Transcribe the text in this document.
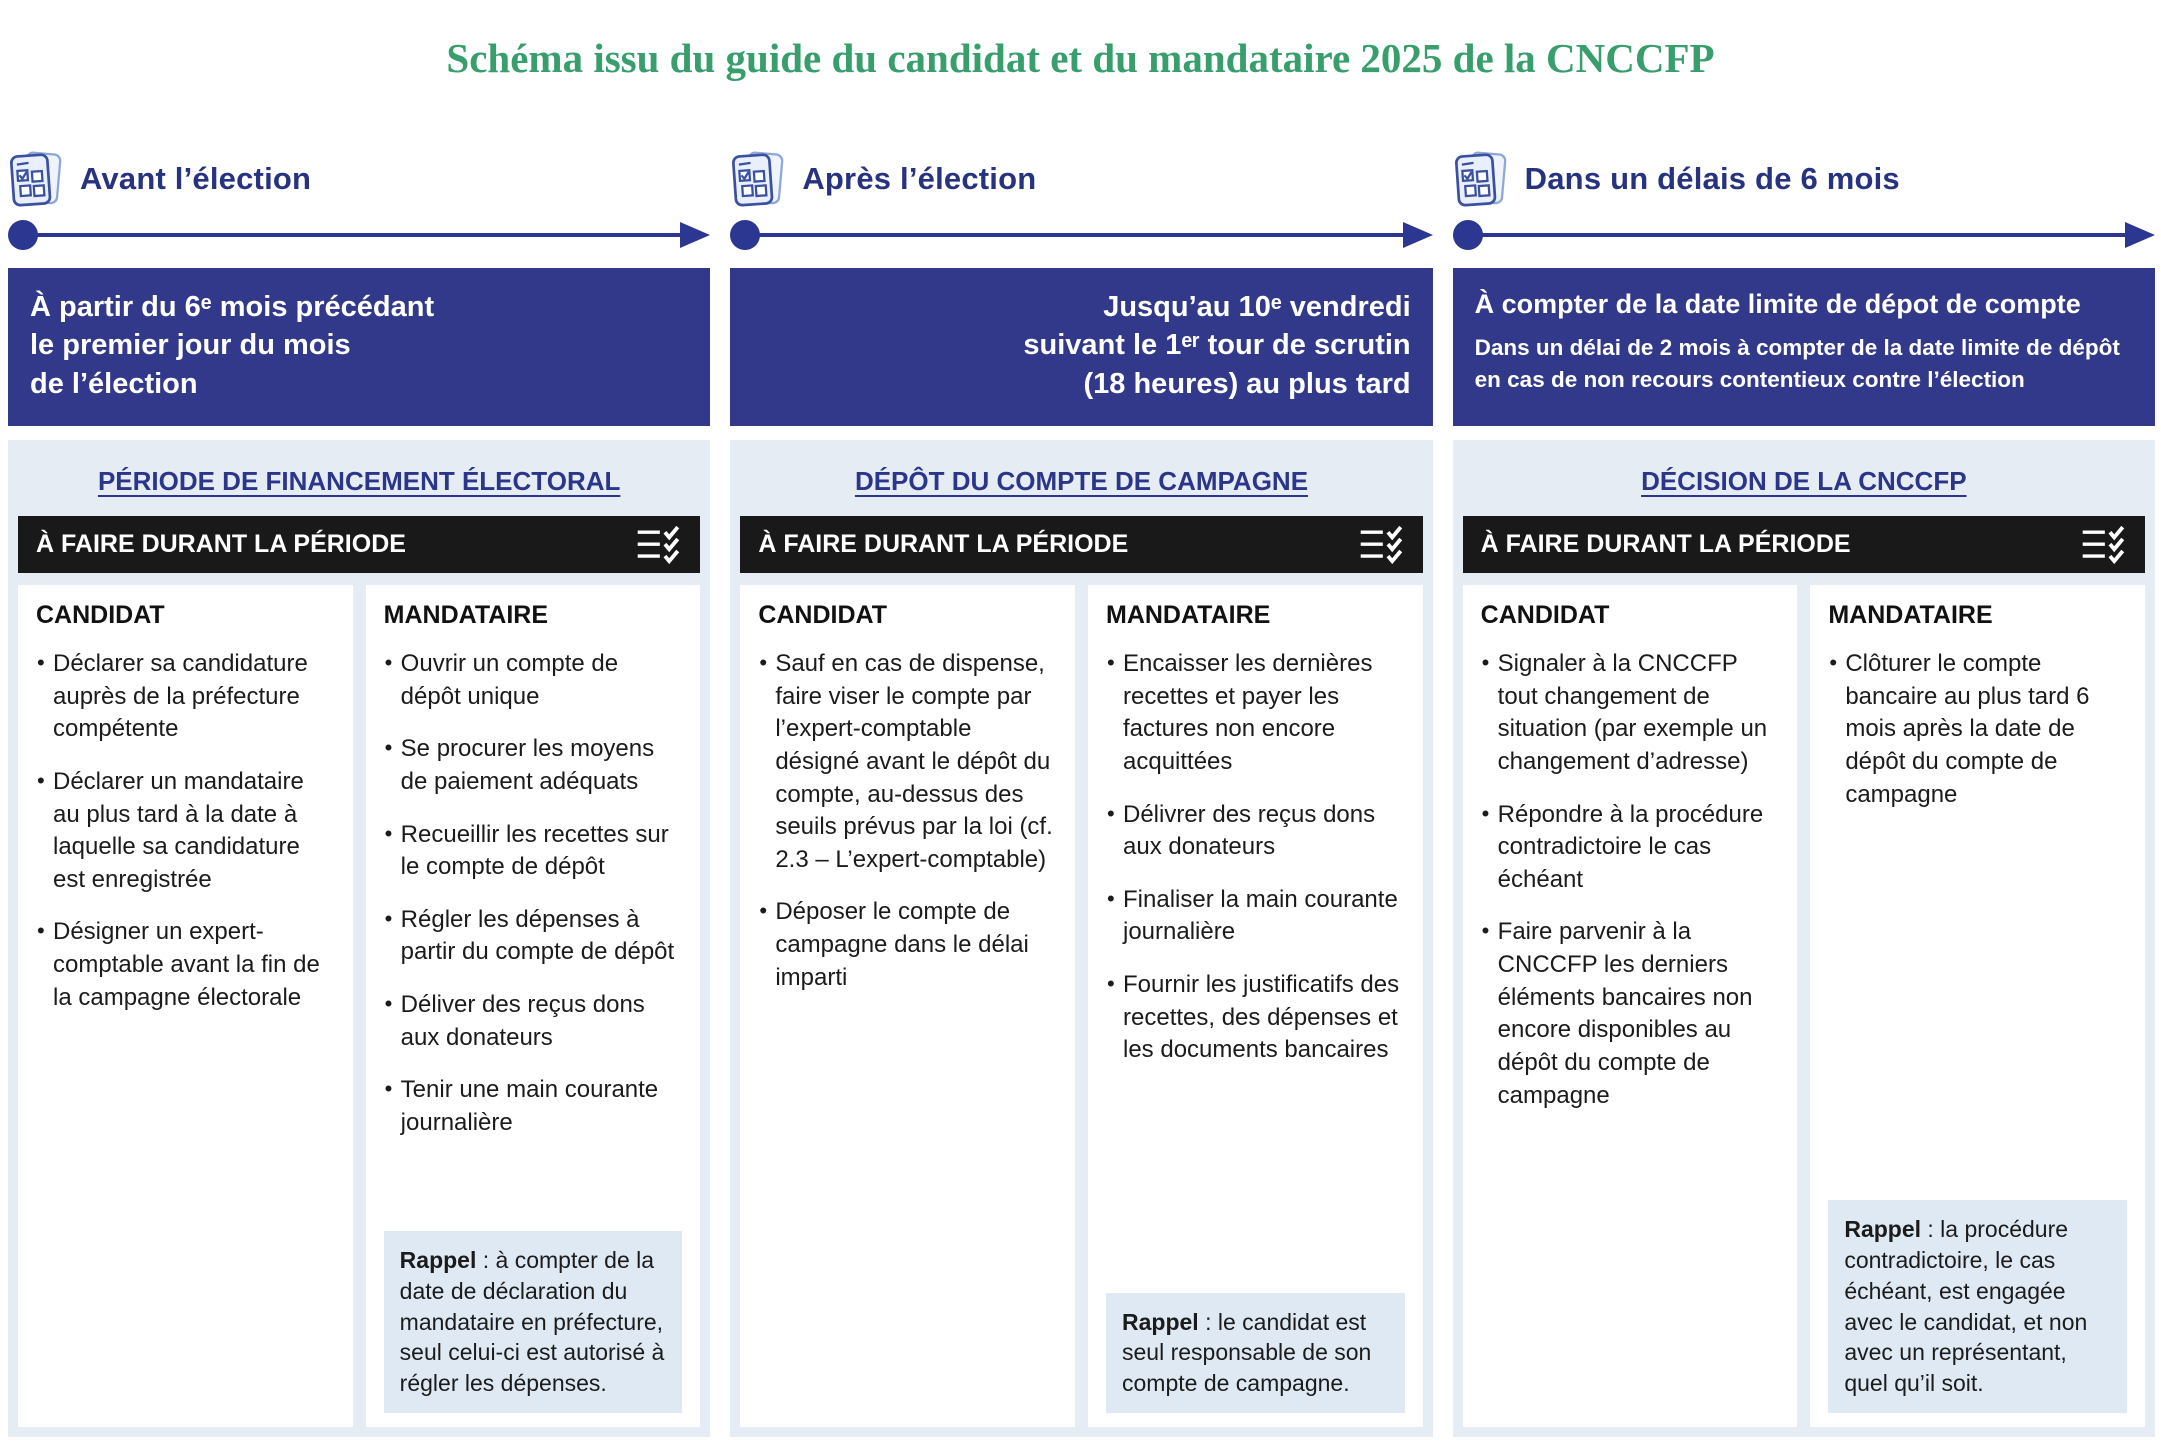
Schéma issu du guide du candidat et du mandataire 2025 de la CNCCFP
Avant l’élection
À partir du 6ᵉ mois précédant
le premier jour du mois
de l’élection
PÉRIODE DE FINANCEMENT ÉLECTORAL
À FAIRE DURANT LA PÉRIODE
CANDIDAT
• Déclarer sa candidature auprès de la préfecture compétente
• Déclarer un mandataire au plus tard à la date à laquelle sa candidature est enregistrée
• Désigner un expert-comptable avant la fin de la campagne électorale
MANDATAIRE
• Ouvrir un compte de dépôt unique
• Se procurer les moyens de paiement adéquats
• Recueillir les recettes sur le compte de dépôt
• Régler les dépenses à partir du compte de dépôt
• Déliver des reçus dons aux donateurs
• Tenir une main courante journalière
Rappel : à compter de la date de déclaration du mandataire en préfecture, seul celui-ci est autorisé à régler les dépenses.
Après l’élection
Jusqu’au 10ᵉ vendredi
suivant le 1ᵉʳ tour de scrutin
(18 heures) au plus tard
DÉPÔT DU COMPTE DE CAMPAGNE
À FAIRE DURANT LA PÉRIODE
CANDIDAT
• Sauf en cas de dispense, faire viser le compte par l’expert-comptable désigné avant le dépôt du compte, au-dessus des seuils prévus par la loi (cf. 2.3 – L’expert-comptable)
• Déposer le compte de campagne dans le délai imparti
MANDATAIRE
• Encaisser les dernières recettes et payer les factures non encore acquittées
• Délivrer des reçus dons aux donateurs
• Finaliser la main courante journalière
• Fournir les justificatifs des recettes, des dépenses et les documents bancaires
Rappel : le candidat est seul responsable de son compte de campagne.
Dans un délais de 6 mois
À compter de la date limite de dépot de compte
Dans un délai de 2 mois à compter de la date limite de dépôt
en cas de non recours contentieux contre l’élection
DÉCISION DE LA CNCCFP
À FAIRE DURANT LA PÉRIODE
CANDIDAT
• Signaler à la CNCCFP tout changement de situation (par exemple un changement d’adresse)
• Répondre à la procédure contradictoire le cas échéant
• Faire parvenir à la CNCCFP les derniers éléments bancaires non encore disponibles au dépôt du compte de campagne
MANDATAIRE
• Clôturer le compte bancaire au plus tard 6 mois après la date de dépôt du compte de campagne
Rappel : la procédure contradictoire, le cas échéant, est engagée avec le candidat, et non avec un représentant, quel qu’il soit.
